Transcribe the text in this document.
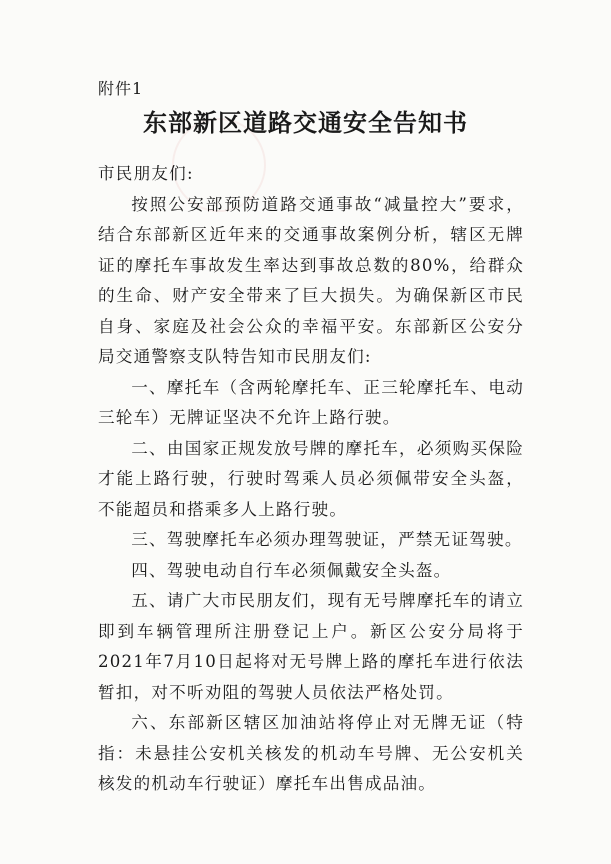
附件1
东部新区道路交通安全告知书

市民朋友们:

按照公安部预防道路交通事故“减量控大”要求，结合东部新区近年来的交通事故案例分析，辖区无牌证的摩托车事故发生率达到事故总数的80%，给群众的生命、财产安全带来了巨大损失。为确保新区市民自身、家庭及社会公众的幸福平安。东部新区公安分局交通警察支队特告知市民朋友们:

一、摩托车（含两轮摩托车、正三轮摩托车、电动三轮车）无牌证坚决不允许上路行驶。

二、由国家正规发放号牌的摩托车，必须购买保险才能上路行驶，行驶时驾乘人员必须佩带安全头盔，不能超员和搭乘多人上路行驶。

三、驾驶摩托车必须办理驾驶证，严禁无证驾驶。

四、驾驶电动自行车必须佩戴安全头盔。

五、请广大市民朋友们，现有无号牌摩托车的请立即到车辆管理所注册登记上户。新区公安分局将于2021年7月10日起将对无号牌上路的摩托车进行依法暂扣，对不听劝阻的驾驶人员依法严格处罚。

六、东部新区辖区加油站将停止对无牌无证（特指：未悬挂公安机关核发的机动车号牌、无公安机关核发的机动车行驶证）摩托车出售成品油。
